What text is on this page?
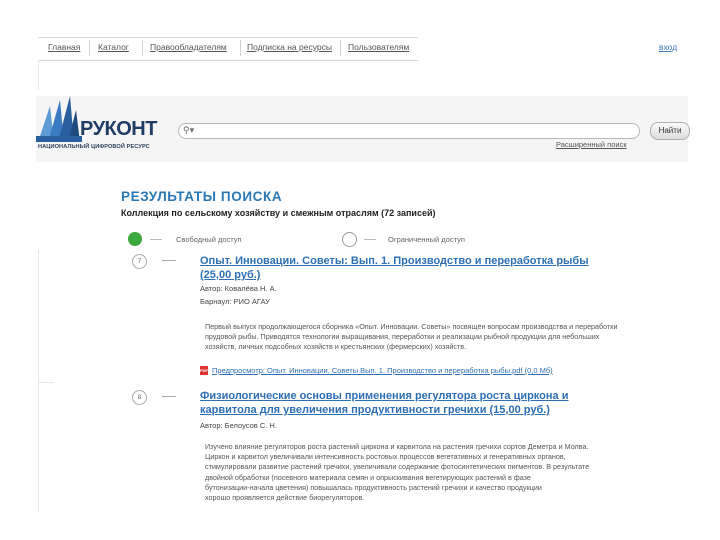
Главная Каталог Правообладателям Подписка на ресурсы Пользователям	вход
РУКОНТ
НАЦИОНАЛЬНЫЙ ЦИФРОВОЙ РЕСУРС
⚲▾	Найти
Расширенный поиск
РЕЗУЛЬТАТЫ ПОИСКА
Коллекция по сельскому хозяйству и смежным отраслям (72 записей)
Свободный доступ	Ограниченный доступ
7	Опыт. Инновации. Советы: Вып. 1. Производство и переработка рыбы
(25,00 руб.)
Автор: Ковалёва Н. А.
Барнаул: РИО АГАУ
Первый выпуск продолжающегося сборника «Опыт. Инновации. Советы» посвящён вопросам производства и переработки
прудовой рыбы. Приводятся технологии выращивания, переработки и реализации рыбной продукции для небольших
хозяйств, личных подсобных хозяйств и крестьянских (фермерских) хозяйств.
PDF Предпросмотр: Опыт. Инновации. Советы Вып. 1. Производство и переработка рыбы.pdf (0,0 Мб)
8	Физиологические основы применения регулятора роста циркона и
карвитола для увеличения продуктивности гречихи (15,00 руб.)
Автор: Белоусов С. Н.
Изучено влияние регуляторов роста растений циркона и карвитола на растения гречихи сортов Деметра и Молва.
Циркон и карвитол увеличивали интенсивность ростовых процессов вегетативных и генеративных органов,
стимулировали развитие растений гречихи, увеличивали содержание фотосинтетических пигментов. В результате
двойной обработки (посевного материала семян и опрыскивания вегетирующих растений в фазе
бутонизации-начала цветения) повышалась продуктивность растений гречихи и качество продукции
хорошо проявляется действие биорегуляторов.
